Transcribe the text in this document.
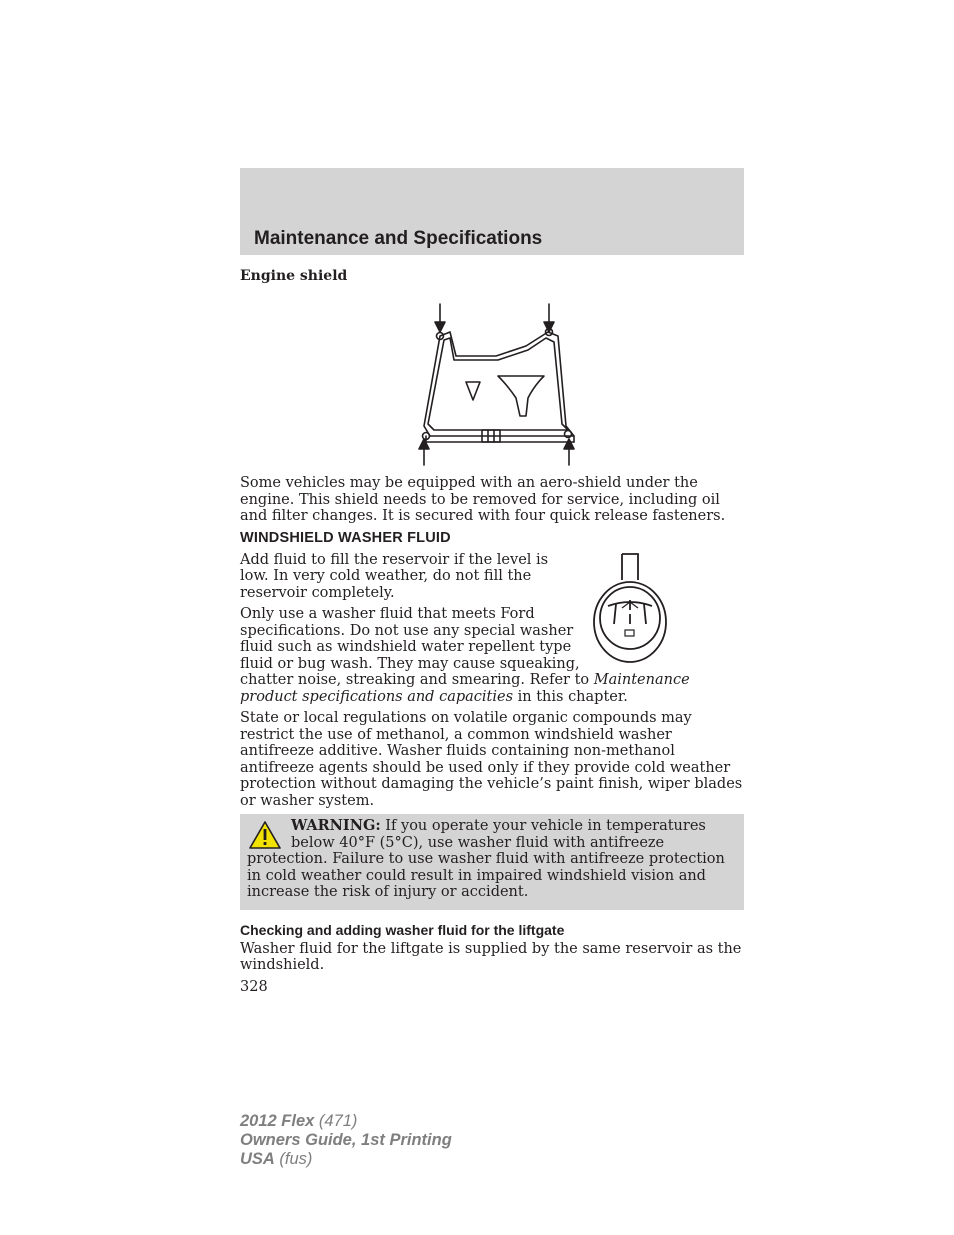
Maintenance and Specifications
Engine shield

Some vehicles may be equipped with an aero-shield under the engine. This shield needs to be removed for service, including oil and filter changes. It is secured with four quick release fasteners.

WINDSHIELD WASHER FLUID

Add fluid to fill the reservoir if the level is low. In very cold weather, do not fill the reservoir completely.

Only use a washer fluid that meets Ford specifications. Do not use any special washer fluid such as windshield water repellent type fluid or bug wash. They may cause squeaking, chatter noise, streaking and smearing. Refer to Maintenance product specifications and capacities in this chapter.

State or local regulations on volatile organic compounds may restrict the use of methanol, a common windshield washer antifreeze additive. Washer fluids containing non-methanol antifreeze agents should be used only if they provide cold weather protection without damaging the vehicle’s paint finish, wiper blades or washer system.

WARNING: If you operate your vehicle in temperatures below 40°F (5°C), use washer fluid with antifreeze protection. Failure to use washer fluid with antifreeze protection in cold weather could result in impaired windshield vision and increase the risk of injury or accident.
Checking and adding washer fluid for the liftgate

Washer fluid for the liftgate is supplied by the same reservoir as the windshield.

328
2012 Flex (471)
Owners Guide, 1st Printing
USA (fus)
